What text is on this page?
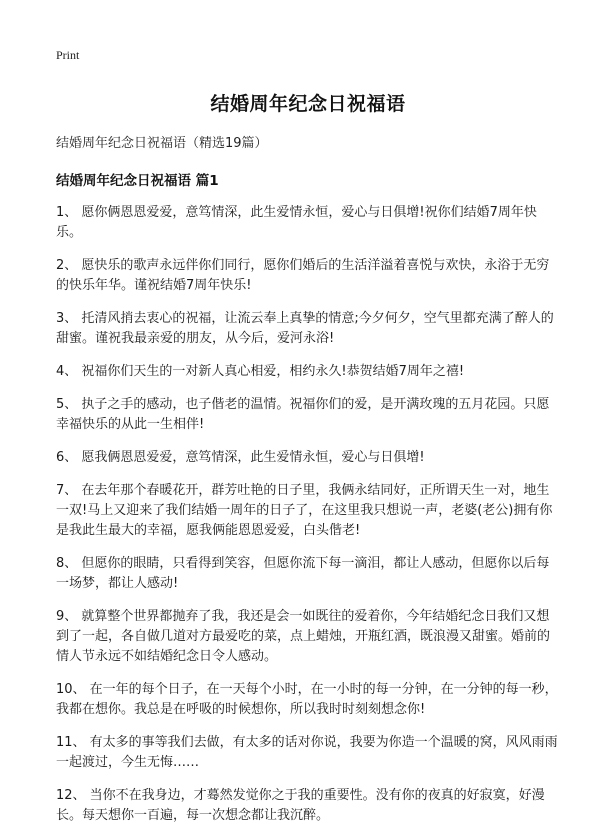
Print
结婚周年纪念日祝福语
结婚周年纪念日祝福语（精选19篇）
结婚周年纪念日祝福语 篇1

1、 愿你俩恩恩爱爱，意笃情深，此生爱情永恒，爱心与日俱增!祝你们结婚7周年快乐。

2、 愿快乐的歌声永远伴你们同行，愿你们婚后的生活洋溢着喜悦与欢快，永浴于无穷的快乐年华。谨祝结婚7周年快乐!

3、 托清风捎去衷心的祝福，让流云奉上真挚的情意;今夕何夕，空气里都充满了醉人的甜蜜。谨祝我最亲爱的朋友，从今后，爱河永浴!

4、 祝福你们天生的一对新人真心相爱，相约永久!恭贺结婚7周年之禧!

5、 执子之手的感动，也子偕老的温情。祝福你们的爱，是开满玫瑰的五月花园。只愿幸福快乐的从此一生相伴!

6、 愿我俩恩恩爱爱，意笃情深，此生爱情永恒，爱心与日俱增!

7、 在去年那个春暖花开，群芳吐艳的日子里，我俩永结同好，正所谓天生一对，地生一双!马上又迎来了我们结婚一周年的日子了，在这里我只想说一声，老婆(老公)拥有你是我此生最大的幸福，愿我俩能恩恩爱爱，白头偕老!

8、 但愿你的眼睛，只看得到笑容，但愿你流下每一滴泪，都让人感动，但愿你以后每一场梦，都让人感动!

9、 就算整个世界都抛弃了我，我还是会一如既往的爱着你，今年结婚纪念日我们又想到了一起，各自做几道对方最爱吃的菜，点上蜡烛，开瓶红酒，既浪漫又甜蜜。婚前的情人节永远不如结婚纪念日令人感动。

10、 在一年的每个日子，在一天每个小时，在一小时的每一分钟，在一分钟的每一秒，我都在想你。我总是在呼吸的时候想你，所以我时时刻刻想念你!

11、 有太多的事等我们去做，有太多的话对你说，我要为你造一个温暖的窝，风风雨雨一起渡过，今生无悔……

12、 当你不在我身边，才蓦然发觉你之于我的重要性。没有你的夜真的好寂寞，好漫长。每天想你一百遍，每一次想念都让我沉醉。
